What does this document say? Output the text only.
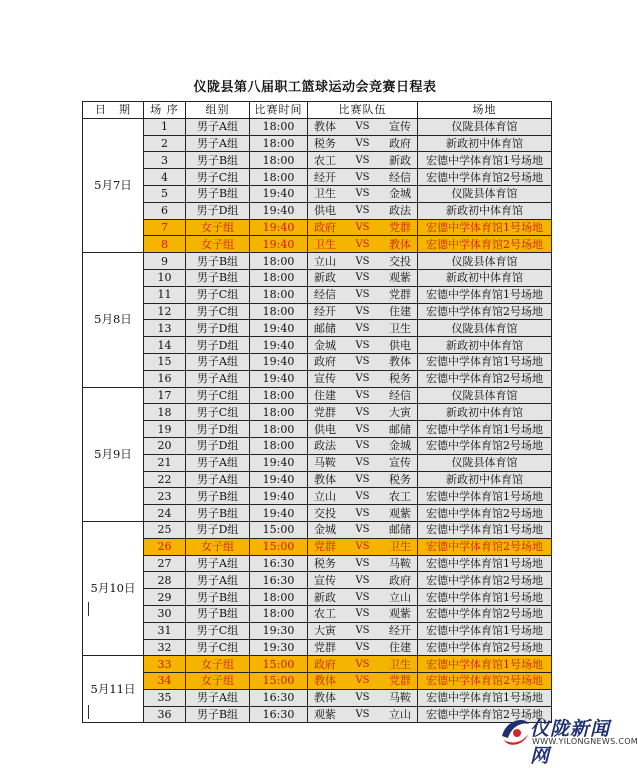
仪陇县第八届职工篮球运动会竞赛日程表
日　期	场 序	组别	比赛时间	比赛队伍	场地
5月7日	1	男子A组	18:00	教体 VS 宣传	仪陇县体育馆
	2	男子A组	18:00	税务 VS 政府	新政初中体育馆
	3	男子B组	18:00	农工 VS 新政	宏德中学体育馆1号场地
	4	男子C组	18:00	经开 VS 经信	宏德中学体育馆2号场地
	5	男子B组	19:40	卫生 VS 金城	仪陇县体育馆
	6	男子D组	19:40	供电 VS 政法	新政初中体育馆
	7	女子组	19:40	政府 VS 党群	宏德中学体育馆1号场地
	8	女子组	19:40	卫生 VS 教体	宏德中学体育馆2号场地
5月8日	9	男子B组	18:00	立山 VS 交投	仪陇县体育馆
	10	男子B组	18:00	新政 VS 观紫	新政初中体育馆
	11	男子C组	18:00	经信 VS 党群	宏德中学体育馆1号场地
	12	男子C组	18:00	经开 VS 住建	宏德中学体育馆2号场地
	13	男子D组	19:40	邮储 VS 卫生	仪陇县体育馆
	14	男子D组	19:40	金城 VS 供电	新政初中体育馆
	15	男子A组	19:40	政府 VS 教体	宏德中学体育馆1号场地
	16	男子A组	19:40	宣传 VS 税务	宏德中学体育馆2号场地
5月9日	17	男子C组	18:00	住建 VS 经信	仪陇县体育馆
	18	男子C组	18:00	党群 VS 大寅	新政初中体育馆
	19	男子D组	18:00	供电 VS 邮储	宏德中学体育馆1号场地
	20	男子D组	18:00	政法 VS 金城	宏德中学体育馆2号场地
	21	男子A组	19:40	马鞍 VS 宣传	仪陇县体育馆
	22	男子A组	19:40	教体 VS 税务	新政初中体育馆
	23	男子B组	19:40	立山 VS 农工	宏德中学体育馆1号场地
	24	男子B组	19:40	交投 VS 观紫	宏德中学体育馆2号场地
5月10日	25	男子D组	15:00	金城 VS 邮储	宏德中学体育馆1号场地
	26	女子组	15:00	党群 VS 卫生	宏德中学体育馆2号场地
	27	男子A组	16:30	税务 VS 马鞍	宏德中学体育馆1号场地
	28	男子A组	16:30	宣传 VS 政府	宏德中学体育馆2号场地
	29	男子B组	18:00	新政 VS 立山	宏德中学体育馆1号场地
	30	男子B组	18:00	农工 VS 观紫	宏德中学体育馆2号场地
	31	男子C组	19:30	大寅 VS 经开	宏德中学体育馆1号场地
	32	男子C组	19:30	党群 VS 住建	宏德中学体育馆2号场地
5月11日	33	女子组	15:00	政府 VS 卫生	宏德中学体育馆1号场地
	34	女子组	15:00	教体 VS 党群	宏德中学体育馆2号场地
	35	男子A组	16:30	教体 VS 马鞍	宏德中学体育馆1号场地
	36	男子B组	16:30	观紫 VS 立山	宏德中学体育馆2号场地
仪陇新闻网
WWW.YILONGNEWS.COM
